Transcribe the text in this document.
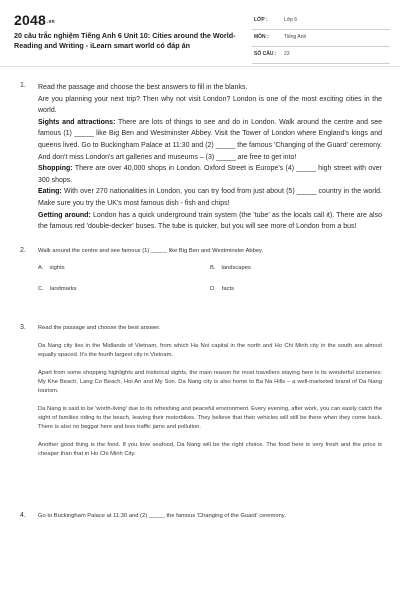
2048.vn
20 câu trắc nghiệm Tiếng Anh 6 Unit 10: Cities around the World- Reading and Writing - iLearn smart world có đáp án
LỚP :	Lớp 6
MÔN :	Tiếng Anh
SỐ CÂU : 23
1. Read the passage and choose the best answers to fill in the blanks.

Are you planning your next trip? Then why not visit London? London is one of the most exciting cities in the world.

Sights and attractions: There are lots of things to see and do in London. Walk around the centre and see famous (1) _____ like Big Ben and Westminster Abbey. Visit the Tower of London where England's kings and queens lived. Go to Buckingham Palace at 11:30 and (2) _____ the famous 'Changing of the Guard' ceremony. And don't miss London's art galleries and museums – (3) _____ are free to get into!

Shopping: There are over 40,000 shops in London. Oxford Street is Europe's (4) _____ high street with over 300 shops.

Eating: With over 270 nationalities in London, you can try food from just about (5) _____ country in the world. Make sure you try the UK's most famous dish - fish and chips!

Getting around: London has a quick underground train system (the 'tube' as the locals call it). There are also the famous red 'double-decker' buses. The tube is quicker, but you will see more of London from a bus!

2. Walk around the centre and see famous (1) _____ like Big Ben and Westminster Abbey.
A. sights	B. landscapes
C. landmarks	D. facts
3. Read the passage and choose the best answer.

Da Nang city lies in the Midlands of Vietnam, from which Ha Noi capital in the north and Ho Chi Minh city in the south are almost equally spaced. It's the fourth largest city in Vietnam.

Apart from some shopping highlights and historical sights, the main reason for most travellers staying here is its wonderful sceneries: My Khe Beach, Lang Co Beach, Hoi An and My Son. Da Nang city is also home to Ba Na Hills – a well-marketed brand of Da Nang tourism.

Da Nang is said to be 'worth-living' due to its refreshing and peaceful environment. Every evening, after work, you can easily catch the sight of families riding to the beach, leaving their motorbikes. They believe that their vehicles will still be there when they come back. There is also no beggar here and less traffic jams and pollution.

Another good thing is the food. If you love seafood, Da Nang will be the right choice. The food here is very fresh and the price is cheaper than that in Ho Chi Minh City.

4. Go to Buckingham Palace at 11:30 and (2) _____ the famous 'Changing of the Guard' ceremony.
